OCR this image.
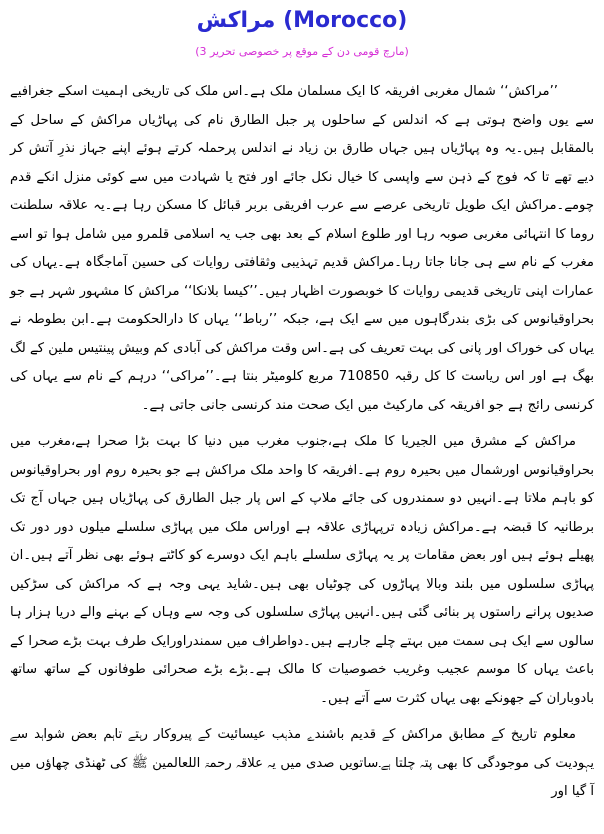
مراکش (Morocco)
(3 مارچ قومی دن کے موقع پر خصوصی تحریر)

’’مراکش‘‘ شمال مغربی افریقہ کا ایک مسلمان ملک ہے۔اس ملک کی تاریخی اہمیت اسکے جغرافیے سے یوں واضح ہوتی ہے کہ اندلس کے ساحلوں پر جبل الطارق نام کی پہاڑیاں مراکش کے ساحل کے بالمقابل ہیں۔یہ وہ پہاڑیاں ہیں جہاں طارق بن زیاد نے اندلس پرحملہ کرتے ہوئے اپنے جہاز نذرِ آتش کر دیے تھے تا کہ فوج کے ذہن سے واپسی کا خیال نکل جائے اور فتح یا شہادت میں سے کوئی منزل انکے قدم چومے۔مراکش ایک طویل تاریخی عرصے سے عرب افریقی بربر قبائل کا مسکن رہا ہے۔یہ علاقہ سلطنت روما کا انتہائی مغربی صوبہ رہا اور طلوع اسلام کے بعد بھی جب یہ اسلامی قلمرو میں شامل ہوا تو اسے مغرب کے نام سے ہی جانا جاتا رہا۔مراکش قدیم تہذیبی وثقافتی روایات کی حسین آماجگاہ ہے۔یہاں کی عمارات اپنی تاریخی قدیمی روایات کا خوبصورت اظہار ہیں۔’’کیسا بلانکا‘‘ مراکش کا مشہور شہر ہے جو بحراوقیانوس کی بڑی بندرگاہوں میں سے ایک ہے، جبکہ ’’رباط‘‘ یہاں کا دارالحکومت ہے۔ابن بطوطہ نے یہاں کی خوراک اور پانی کی بہت تعریف کی ہے۔اس وقت مراکش کی آبادی کم وبیش پینتیس ملین کے لگ بھگ ہے اور اس ریاست کا کل رقبہ 710850 مربع کلومیٹر بنتا ہے۔’’مراکی‘‘ درہم کے نام سے یہاں کی کرنسی رائج ہے جو افریقہ کی مارکیٹ میں ایک صحت مند کرنسی جانی جاتی ہے۔

مراکش کے مشرق میں الجیریا کا ملک ہے،جنوب مغرب میں دنیا کا بہت بڑا صحرا ہے،مغرب میں بحراوقیانوس اورشمال میں بحیرہ روم ہے۔افریقہ کا واحد ملک مراکش ہے جو بحیرہ روم اور بحراوقیانوس کو باہم ملاتا ہے۔انہیں دو سمندروں کی جائے ملاپ کے اس پار جبل الطارق کی پہاڑیاں ہیں جہاں آج تک برطانیہ کا قبضہ ہے۔مراکش زیادہ ترپہاڑی علاقہ ہے اوراس ملک میں پہاڑی سلسلے میلوں دور دور تک پھیلے ہوئے ہیں اور بعض مقامات پر یہ پہاڑی سلسلے باہم ایک دوسرے کو کاٹتے ہوئے بھی نظر آتے ہیں۔ان پہاڑی سلسلوں میں بلند وبالا پہاڑوں کی چوٹیاں بھی ہیں۔شاید یہی وجہ ہے کہ مراکش کی سڑکیں صدیوں پرانے راستوں پر بنائی گئی ہیں۔انہیں پہاڑی سلسلوں کی وجہ سے وہاں کے بہنے والے دریا ہزار ہا سالوں سے ایک ہی سمت میں بہتے چلے جارہے ہیں۔دواطراف میں سمندراورایک طرف بہت بڑے صحرا کے باعث یہاں کا موسم عجیب وغریب خصوصیات کا مالک ہے۔بڑے بڑے صحرائی طوفانوں کے ساتھ ساتھ بادوباران کے جھونکے بھی یہاں کثرت سے آتے ہیں۔

معلوم تاریخ کے مطابق مراکش کے قدیم باشندے مذہب عیسائیت کے پیروکار رہتے تاہم بعض شواہد سے یہودیت کی موجودگی کا بھی پتہ چلتا ہے۔ساتویں صدی میں یہ علاقہ رحمۃ اللعالمین ﷺ کی ٹھنڈی چھاؤں میں آ گیا اور
